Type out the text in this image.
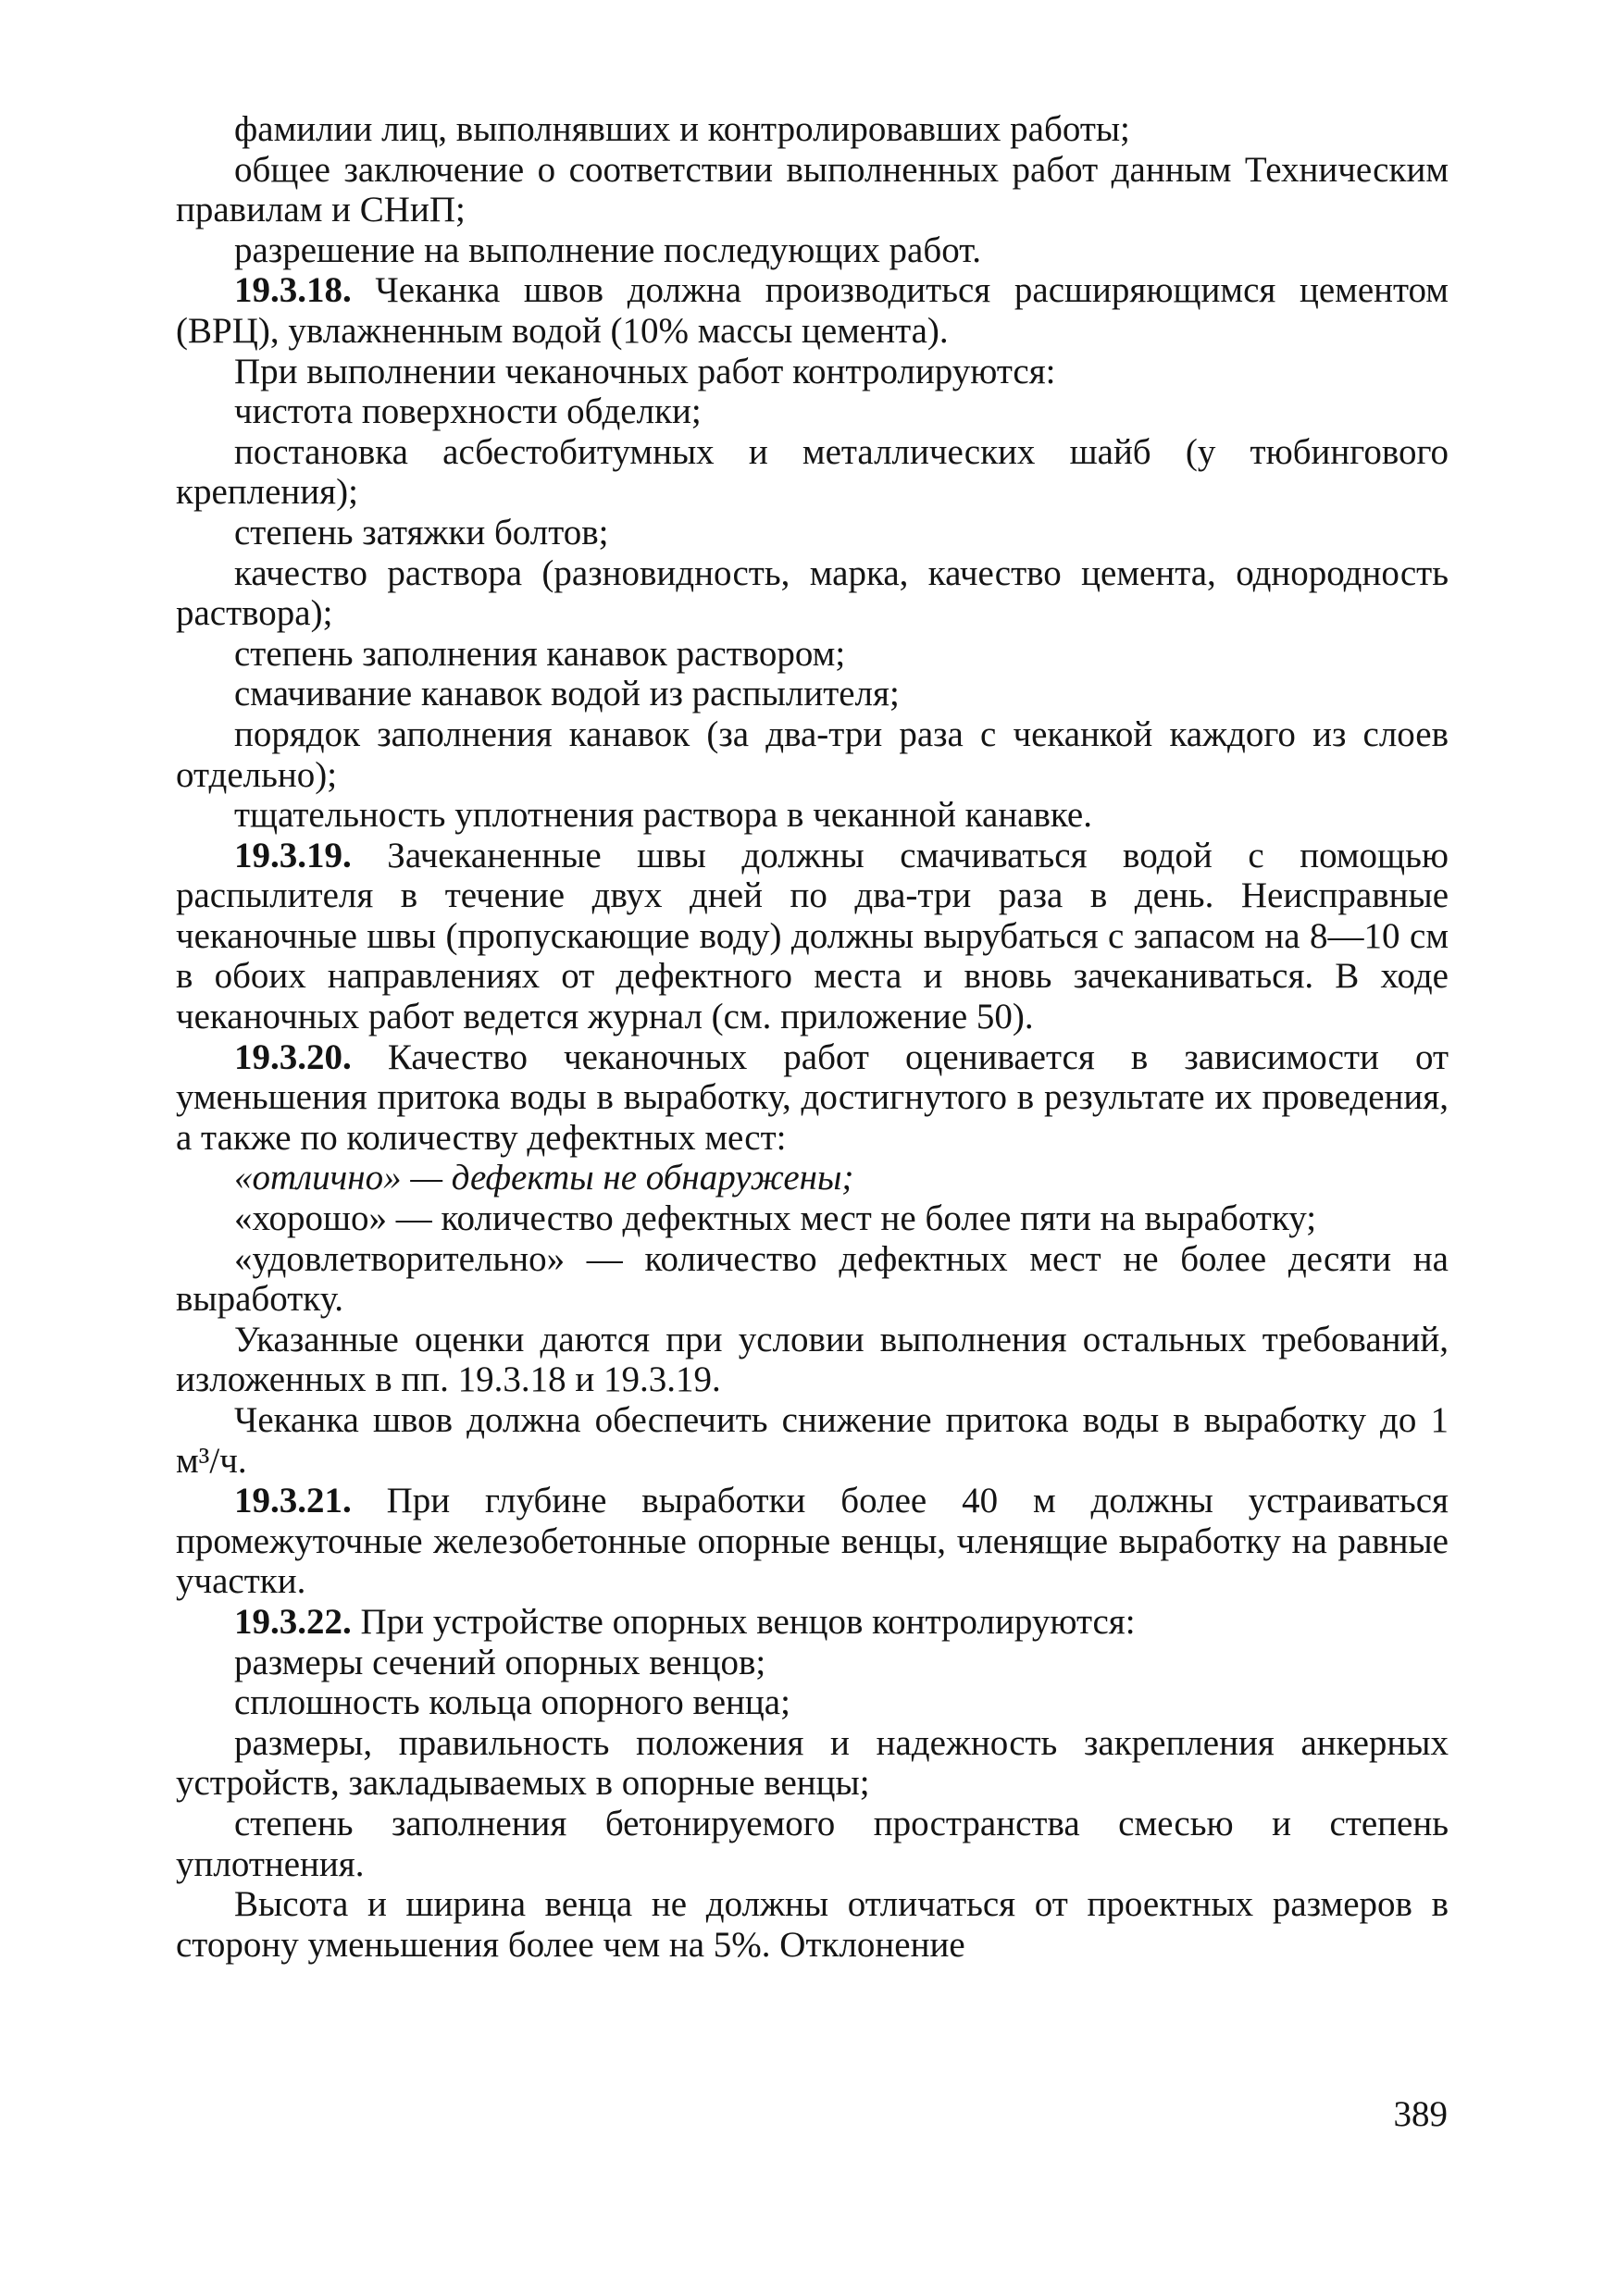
фамилии лиц, выполнявших и контролировавших работы;

общее заключение о соответствии выполненных работ данным Техническим правилам и СНиП;

разрешение на выполнение последующих работ.

19.3.18. Чеканка швов должна производиться расширяющимся цементом (ВРЦ), увлажненным водой (10% массы цемента).

При выполнении чеканочных работ контролируются:

чистота поверхности обделки;

постановка асбестобитумных и металлических шайб (у тюбингового крепления);

степень затяжки болтов;

качество раствора (разновидность, марка, качество цемента, однородность раствора);

степень заполнения канавок раствором;

смачивание канавок водой из распылителя;

порядок заполнения канавок (за два-три раза с чеканкой каждого из слоев отдельно);

тщательность уплотнения раствора в чеканной канавке.

19.3.19. Зачеканенные швы должны смачиваться водой с помощью распылителя в течение двух дней по два-три раза в день. Неисправные чеканочные швы (пропускающие воду) должны вырубаться с запасом на 8—10 см в обоих направлениях от дефектного места и вновь зачеканиваться. В ходе чеканочных работ ведется журнал (см. приложение 50).

19.3.20. Качество чеканочных работ оценивается в зависимости от уменьшения притока воды в выработку, достигнутого в результате их проведения, а также по количеству дефектных мест:

«отлично» — дефекты не обнаружены;

«хорошо» — количество дефектных мест не более пяти на выработку;

«удовлетворительно» — количество дефектных мест не более десяти на выработку.

Указанные оценки даются при условии выполнения остальных требований, изложенных в пп. 19.3.18 и 19.3.19.

Чеканка швов должна обеспечить снижение притока воды в выработку до 1 м³/ч.

19.3.21. При глубине выработки более 40 м должны устраиваться промежуточные железобетонные опорные венцы, членящие выработку на равные участки.

19.3.22. При устройстве опорных венцов контролируются:

размеры сечений опорных венцов;

сплошность кольца опорного венца;

размеры, правильность положения и надежность закрепления анкерных устройств, закладываемых в опорные венцы;

степень заполнения бетонируемого пространства смесью и степень уплотнения.

Высота и ширина венца не должны отличаться от проектных размеров в сторону уменьшения более чем на 5%. Отклонение

389
